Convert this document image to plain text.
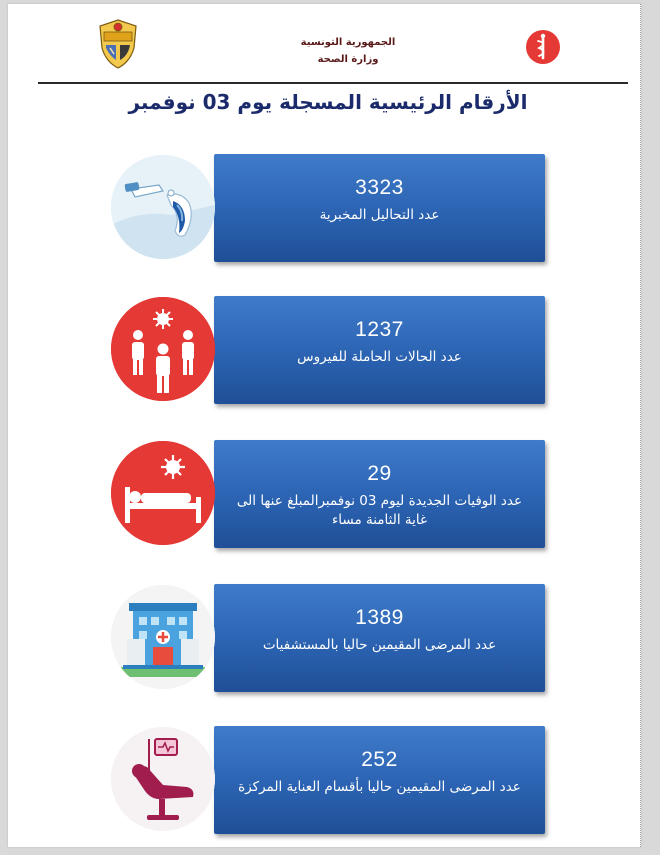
الجمهورية التونسية
وزارة الصحة
الأرقام الرئيسية المسجلة يوم 03 نوفمبر
3323
عدد التحاليل المخبرية
1237
عدد الحالات الحاملة للفيروس
29
عدد الوفيات الجديدة ليوم 03 نوفمبرالمبلغ عنها الى غاية الثامنة مساء
1389
عدد المرضى المقيمين حاليا بالمستشفيات
252
عدد المرضى المقيمين حاليا بأقسام العناية المركزة
